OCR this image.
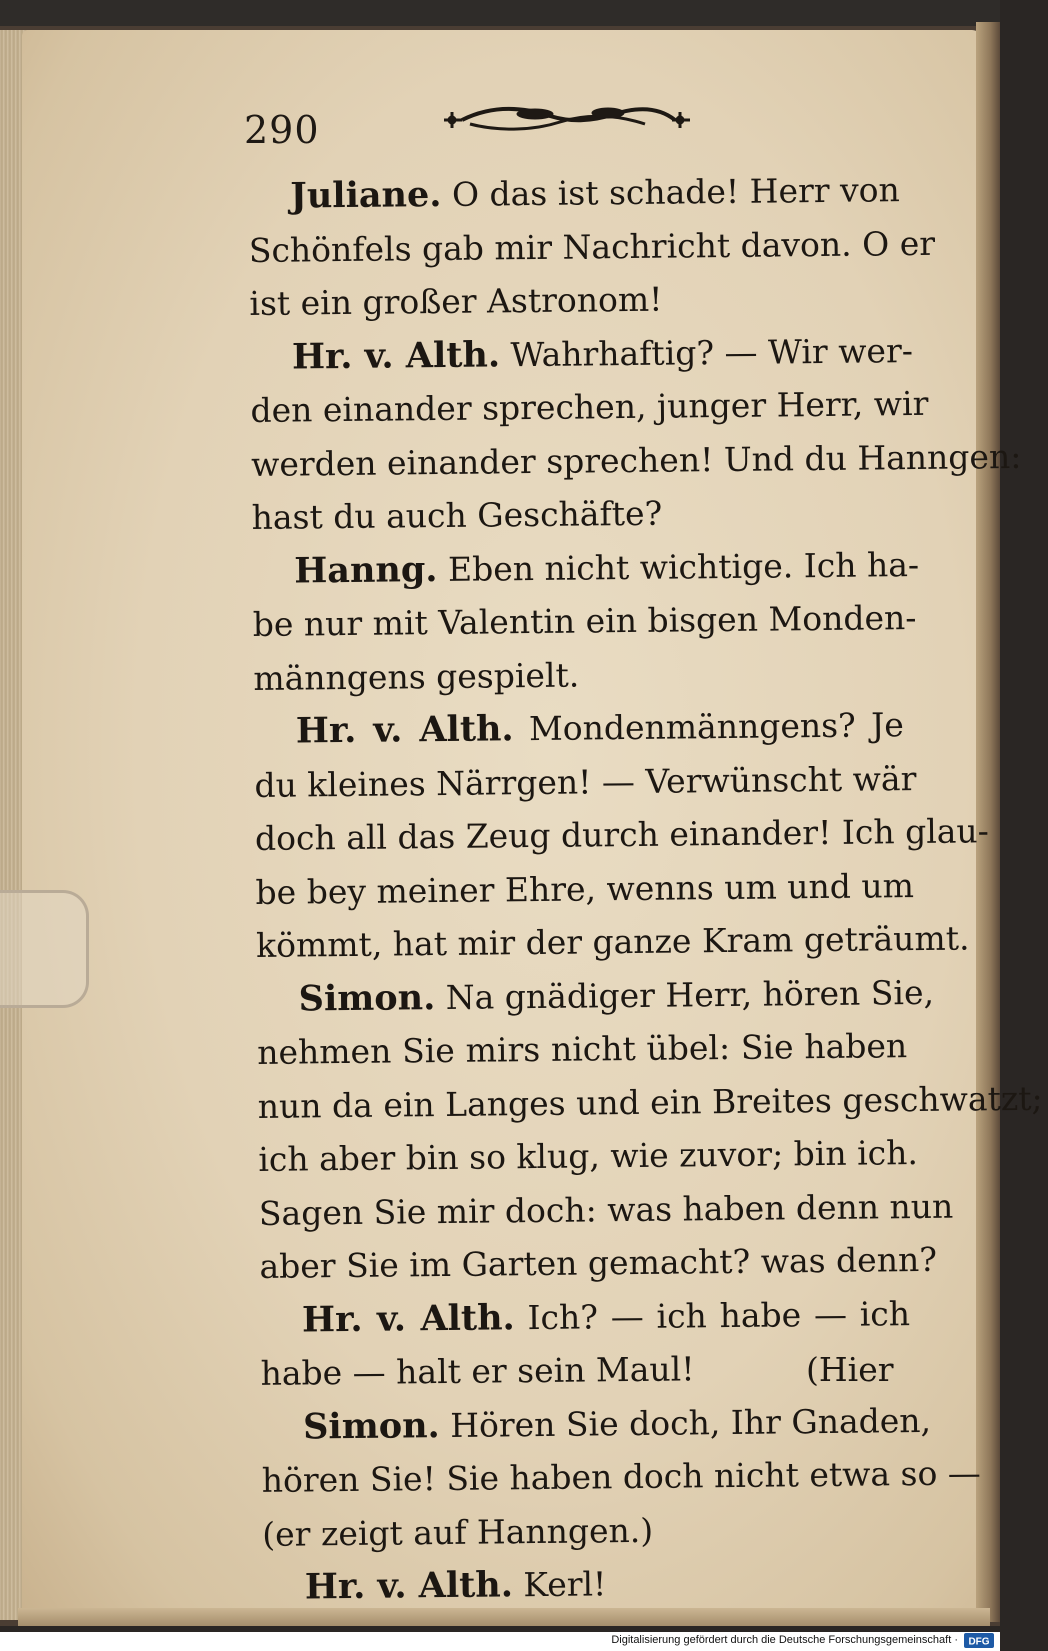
290
Juliane. O das ist schade! Herr von
Schönfels gab mir Nachricht davon. O er
ist ein großer Astronom!
Hr. v. Alth. Wahrhaftig? — Wir wer-
den einander sprechen, junger Herr, wir
werden einander sprechen! Und du Hanngen:
hast du auch Geschäfte?
Hanng. Eben nicht wichtige. Ich ha-
be nur mit Valentin ein bisgen Monden-
männgens gespielt.
Hr. v. Alth. Mondenmänngens? Je
du kleines Närrgen! — Verwünscht wär
doch all das Zeug durch einander! Ich glau-
be bey meiner Ehre, wenns um und um
kömmt, hat mir der ganze Kram geträumt.
Simon. Na gnädiger Herr, hören Sie,
nehmen Sie mirs nicht übel: Sie haben
nun da ein Langes und ein Breites geschwatzt;
ich aber bin so klug, wie zuvor; bin ich.
Sagen Sie mir doch: was haben denn nun
aber Sie im Garten gemacht? was denn?
Hr. v. Alth. Ich? — ich habe — ich
habe — halt er sein Maul!
Simon. Hören Sie doch, Ihr Gnaden,
hören Sie! Sie haben doch nicht etwa so —
(er zeigt auf Hanngen.)
Hr. v. Alth. Kerl!
(Hier
Digitalisierung gefördert durch die Deutsche Forschungsgemeinschaft · DFG
